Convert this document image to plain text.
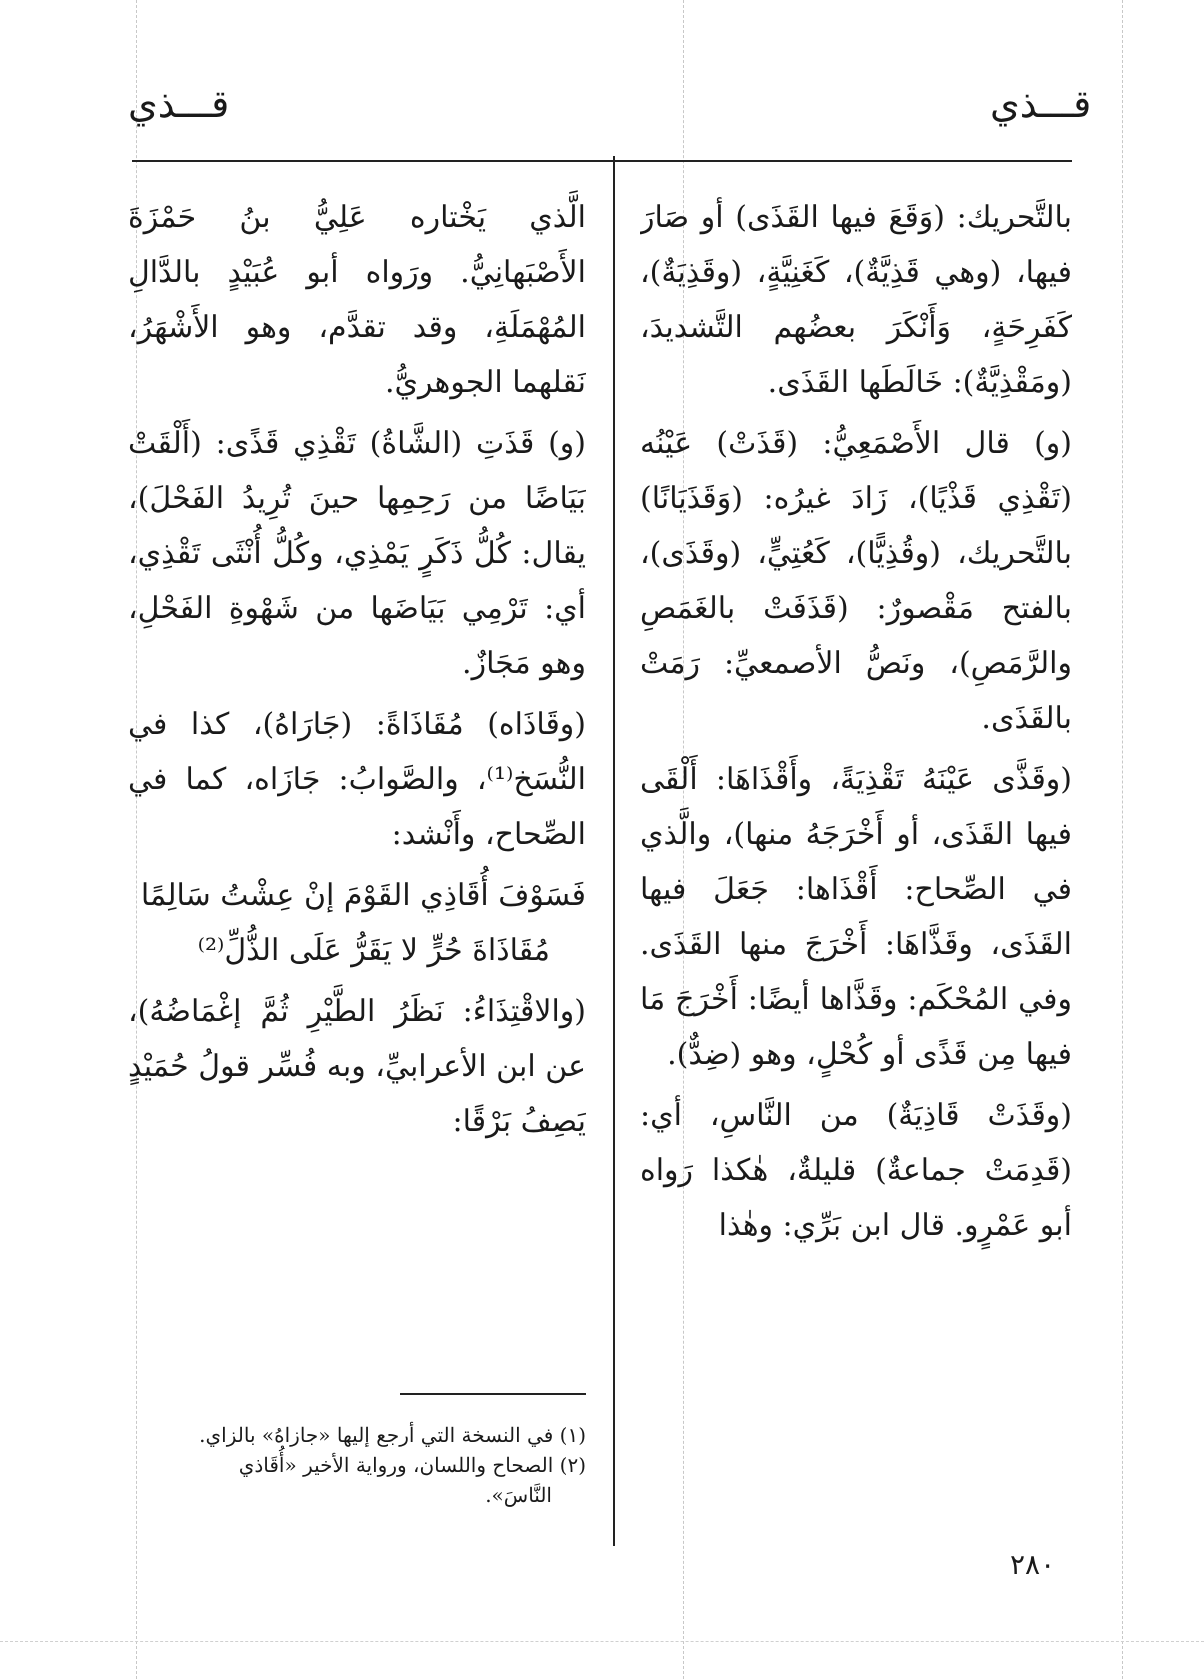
قـــذي
قـــذي

بالتَّحريك: (وَقَعَ فيها القَذَى) أو صَارَ فيها، (وهي قَذِيَّةٌ)، كَغَنِيَّةٍ، (وقَذِيَةٌ)، كَفَرِحَةٍ، وَأَنْكَرَ بعضُهم التَّشديدَ، (ومَقْذِيَّةٌ): خَالَطَها القَذَى.

(و) قال الأَصْمَعِيُّ: (قَذَتْ) عَيْنُه (تَقْذِي قَذْيًا)، زَادَ غيرُه: (وَقَذَيَانًا) بالتَّحريك، (وقُذِيًّا)، كَعُتِيٍّ، (وقَذَى)، بالفتح مَقْصورٌ: (قَذَفَتْ بالغَمَصِ والرَّمَصِ)، ونَصُّ الأصمعيِّ: رَمَتْ بالقَذَى.

(وقَذَّى عَيْنَهُ تَقْذِيَةً، وأَقْذَاهَا: أَلْقَى فيها القَذَى، أو أَخْرَجَهُ منها)، والَّذي في الصِّحاح: أَقْذَاها: جَعَلَ فيها القَذَى، وقَذَّاهَا: أَخْرَجَ منها القَذَى. وفي المُحْكَم: وقَذَّاها أيضًا: أَخْرَجَ مَا فيها مِن قَذًى أو كُحْلٍ، وهو (ضِدٌّ).

(وقَذَتْ قَاذِيَةٌ) من النَّاسِ، أي: (قَدِمَتْ جماعةٌ) قليلةٌ، هٰكذا رَواه أبو عَمْرٍو. قال ابن بَرِّي: وهٰذا

الَّذي يَخْتاره عَلِيُّ بنُ حَمْزَةَ الأَصْبَهانِيُّ. ورَواه أبو عُبَيْدٍ بالدَّالِ المُهْمَلَةِ، وقد تقدَّم، وهو الأَشْهَرُ، نَقلهما الجوهريُّ.

(و) قَذَتِ (الشَّاةُ) تَقْذِي قَذًى: (أَلْقَتْ بَيَاضًا من رَحِمِها حينَ تُرِيدُ الفَحْلَ)، يقال: كُلُّ ذَكَرٍ يَمْذِي، وكُلُّ أُنْثَى تَقْذِي، أي: تَرْمِي بَيَاضَها من شَهْوةِ الفَحْلِ، وهو مَجَازٌ.

(وقَاذَاه) مُقَاذَاةً: (جَارَاهُ)، كذا في النُّسَخ⁽¹⁾، والصَّوابُ: جَازَاه، كما في الصِّحاح، وأَنْشد:

فَسَوْفَ أُقَاذِي القَوْمَ إنْ عِشْتُ سَالِمًا

مُقَاذَاةَ حُرٍّ لا يَقَرُّ عَلَى الذُّلِّ⁽²⁾

(والاقْتِذَاءُ: نَظَرُ الطَّيْرِ ثُمَّ إغْمَاضُهُ)، عن ابن الأعرابيِّ، وبه فُسِّر قولُ حُمَيْدٍ يَصِفُ بَرْقًا:

(١) في النسخة التي أرجع إليها «جازاهُ» بالزاي.

(٢) الصحاح واللسان، ورواية الأخير «أُقَاذي

النَّاسَ».

٢٨٠
